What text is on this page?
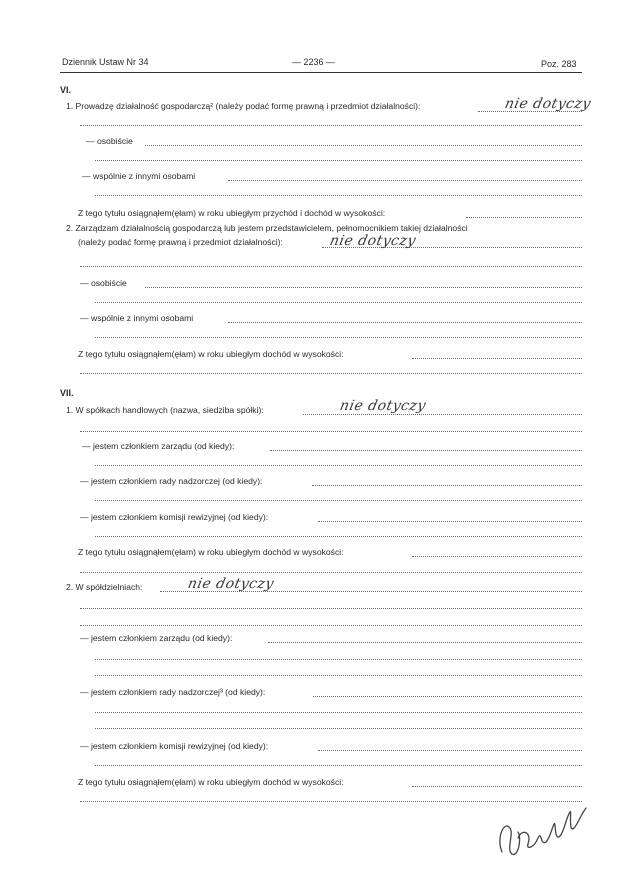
Dziennik Ustaw Nr 34	— 2236 —	Poz. 283
VI.
1. Prowadzę działalność gospodarczą² (należy podać formę prawną i przedmiot działalności):	nie dotyczy
— osobiście
— wspólnie z innymi osobami
Z tego tytułu osiągnąłem(ęłam) w roku ubiegłym przychód i dochód w wysokości:
2. Zarządzam działalnością gospodarczą lub jestem przedstawicielem, pełnomocnikiem takiej działalności
(należy podać formę prawną i przedmiot działalności):	nie dotyczy
— osobiście
— wspólnie z innymi osobami
Z tego tytułu osiągnąłem(ęłam) w roku ubiegłym dochód w wysokości:
VII.
1. W spółkach handlowych (nazwa, siedziba spółki):	nie dotyczy
— jestem członkiem zarządu (od kiedy):
— jestem członkiem rady nadzorczej (od kiedy):
— jestem członkiem komisji rewizyjnej (od kiedy):
Z tego tytułu osiągnąłem(ęłam) w roku ubiegłym dochód w wysokości:
2. W spółdzielniach:	nie dotyczy
— jestem członkiem zarządu (od kiedy):
— jestem członkiem rady nadzorczej³ (od kiedy):
— jestem członkiem komisji rewizyjnej (od kiedy):
Z tego tytułu osiągnąłem(ęłam) w roku ubiegłym dochód w wysokości:
